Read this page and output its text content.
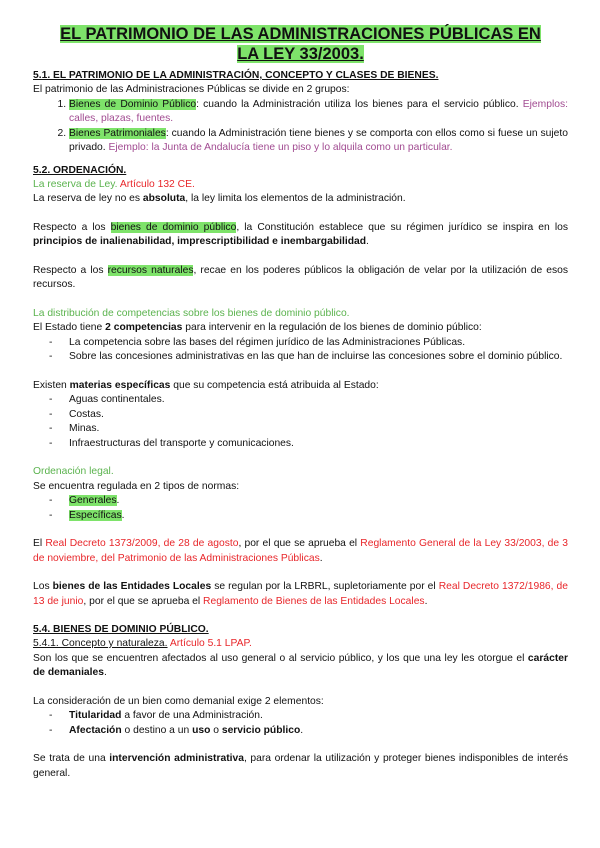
EL PATRIMONIO DE LAS ADMINISTRACIONES PÚBLICAS EN
LA LEY 33/2003.
5.1. EL PATRIMONIO DE LA ADMINISTRACIÓN, CONCEPTO Y CLASES DE BIENES.

El patrimonio de las Administraciones Públicas se divide en 2 grupos:

1. Bienes de Dominio Público: cuando la Administración utiliza los bienes para el servicio público. Ejemplos: calles, plazas, fuentes.
2. Bienes Patrimoniales: cuando la Administración tiene bienes y se comporta con ellos como si fuese un sujeto privado. Ejemplo: la Junta de Andalucía tiene un piso y lo alquila como un particular.
5.2. ORDENACIÓN.

La reserva de Ley. Artículo 132 CE.

La reserva de ley no es absoluta, la ley limita los elementos de la administración.

Respecto a los bienes de dominio público, la Constitución establece que su régimen jurídico se inspira en los principios de inalienabilidad, imprescriptibilidad e inembargabilidad.

Respecto a los recursos naturales, recae en los poderes públicos la obligación de velar por la utilización de esos recursos.

La distribución de competencias sobre los bienes de dominio público.

El Estado tiene 2 competencias para intervenir en la regulación de los bienes de dominio público:

- La competencia sobre las bases del régimen jurídico de las Administraciones Públicas.
- Sobre las concesiones administrativas en las que han de incluirse las concesiones sobre el dominio público.

Existen materias específicas que su competencia está atribuida al Estado:

- Aguas continentales.
- Costas.
- Minas.
- Infraestructuras del transporte y comunicaciones.

Ordenación legal.

Se encuentra regulada en 2 tipos de normas:

- Generales.
- Específicas.

El Real Decreto 1373/2009, de 28 de agosto, por el que se aprueba el Reglamento General de la Ley 33/2003, de 3 de noviembre, del Patrimonio de las Administraciones Públicas.

Los bienes de las Entidades Locales se regulan por la LRBRL, supletoriamente por el Real Decreto 1372/1986, de 13 de junio, por el que se aprueba el Reglamento de Bienes de las Entidades Locales.

5.4. BIENES DE DOMINIO PÚBLICO.

5.4.1. Concepto y naturaleza. Artículo 5.1 LPAP.

Son los que se encuentren afectados al uso general o al servicio público, y los que una ley les otorgue el carácter de demaniales.

La consideración de un bien como demanial exige 2 elementos:

- Titularidad a favor de una Administración.
- Afectación o destino a un uso o servicio público.

Se trata de una intervención administrativa, para ordenar la utilización y proteger bienes indisponibles de interés general.
